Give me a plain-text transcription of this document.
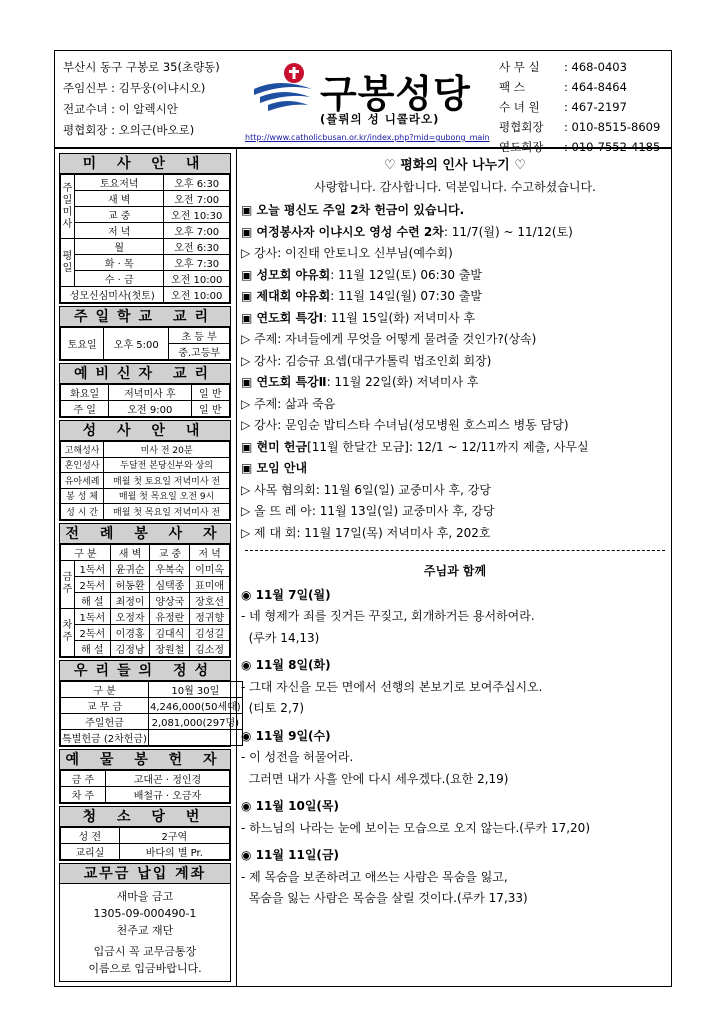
부산시 동구 구봉로 35(초량동)
주임신부 : 김무웅(이냐시오)
전교수녀 : 이 알렉시안
평협회장 : 오의근(바오로)
구봉성당
(플뤼의 성 니콜라오)
http://www.catholicbusan.or.kr/index.php?mid=gubong_main
사 무 실	: 468-0403
팩 스	: 464-8464
수 녀 원	: 467-2197
평협회장	: 010-8515-8609
연도회장	: 010-7552-4185
미 사 안 내
주일미사	토요저녁	오후 6:30
	새 벽	오전 7:00
	교 중	오전 10:30
	저 녁	오후 7:00
평일	월	오전 6:30
	화 · 목	오후 7:30
	수 · 금	오전 10:00
성모신심미사(첫토)		오전 10:00
주일학교 교리
토요일	오후 5:00	초 등 부
중.고등부
예비신자 교리
화요일	저녁미사 후	일 반
주 일	오전 9:00	일 반
성 사 안 내
고해성사	미사 전 20분
혼인성사	두달전 본당신부와 상의
유아세례	매월 첫 토요일 저녁미사 전
봉 성 체	매월 첫 목요일 오전 9시
성 시 간	매월 첫 목요일 저녁미사 전
전 례 봉 사 자
구 분		새 벽	교 중	저 녁
금주	1독서	윤귀순	우복숙	이미옥
	2독서	허동환	심택종	표미애
	해 설	최정이	양상국	장호선
차주	1독서	오정자	유정란	정귀향
	2독서	이경홍	김대식	김성길
	해 설	김정남	장원철	김소정
우리들의 정성
구 분	10월 30일
교 무 금	4,246,000(50세대)
주일헌금	2,081,000(297명)
특별헌금 (2차헌금)	
예 물 봉 헌 자
금 주	고대곤 · 정인경
차 주	배철규 · 오금자
청 소 당 번
성 전	2구역
교리실	바다의 별 Pr.
교무금 납입 계좌
새마을 금고
1305-09-000490-1
천주교 재단
입금시 꼭 교무금통장
이름으로 입금바랍니다.
♡ 평화의 인사 나누기 ♡
사랑합니다. 감사합니다. 덕분입니다. 수고하셨습니다.
▣ 오늘 평신도 주일 2차 헌금이 있습니다.
▣ 여정봉사자 이냐시오 영성 수련 2차: 11/7(월) ~ 11/12(토)
▷ 강사: 이진태 안토니오 신부님(예수회)
▣ 성모회 야유회: 11월 12일(토) 06:30 출발
▣ 제대회 야유회: 11월 14일(월) 07:30 출발
▣ 연도회 특강Ⅰ: 11월 15일(화) 저녁미사 후
▷ 주제: 자녀들에게 무엇을 어떻게 물려줄 것인가?(상속)
▷ 강사: 김승규 요셉(대구가톨릭 법조인회 회장)
▣ 연도회 특강Ⅱ: 11월 22일(화) 저녁미사 후
▷ 주제: 삶과 죽음
▷ 강사: 문임순 밥티스타 수녀님(성모병원 호스피스 병동 담당)
▣ 현미 헌금[11월 한달간 모금]: 12/1 ~ 12/11까지 제출, 사무실
▣ 모임 안내
▷ 사목 협의회: 11월 6일(일) 교중미사 후, 강당
▷ 올 뜨 레 아: 11월 13일(일) 교중미사 후, 강당
▷ 제 대 회: 11월 17일(목) 저녁미사 후, 202호
주님과 함께
◉ 11월 7일(월)
- 네 형제가 죄를 짓거든 꾸짖고, 회개하거든 용서하여라.
(루카 14,13)
◉ 11월 8일(화)
- 그대 자신을 모든 면에서 선행의 본보기로 보여주십시오.
(티토 2,7)
◉ 11월 9일(수)
- 이 성전을 허물어라.
그러면 내가 사흘 안에 다시 세우겠다.(요한 2,19)
◉ 11월 10일(목)
- 하느님의 나라는 눈에 보이는 모습으로 오지 않는다.(루카 17,20)
◉ 11월 11일(금)
- 제 목숨을 보존하려고 애쓰는 사람은 목숨을 잃고,
목숨을 잃는 사람은 목숨을 살릴 것이다.(루카 17,33)
